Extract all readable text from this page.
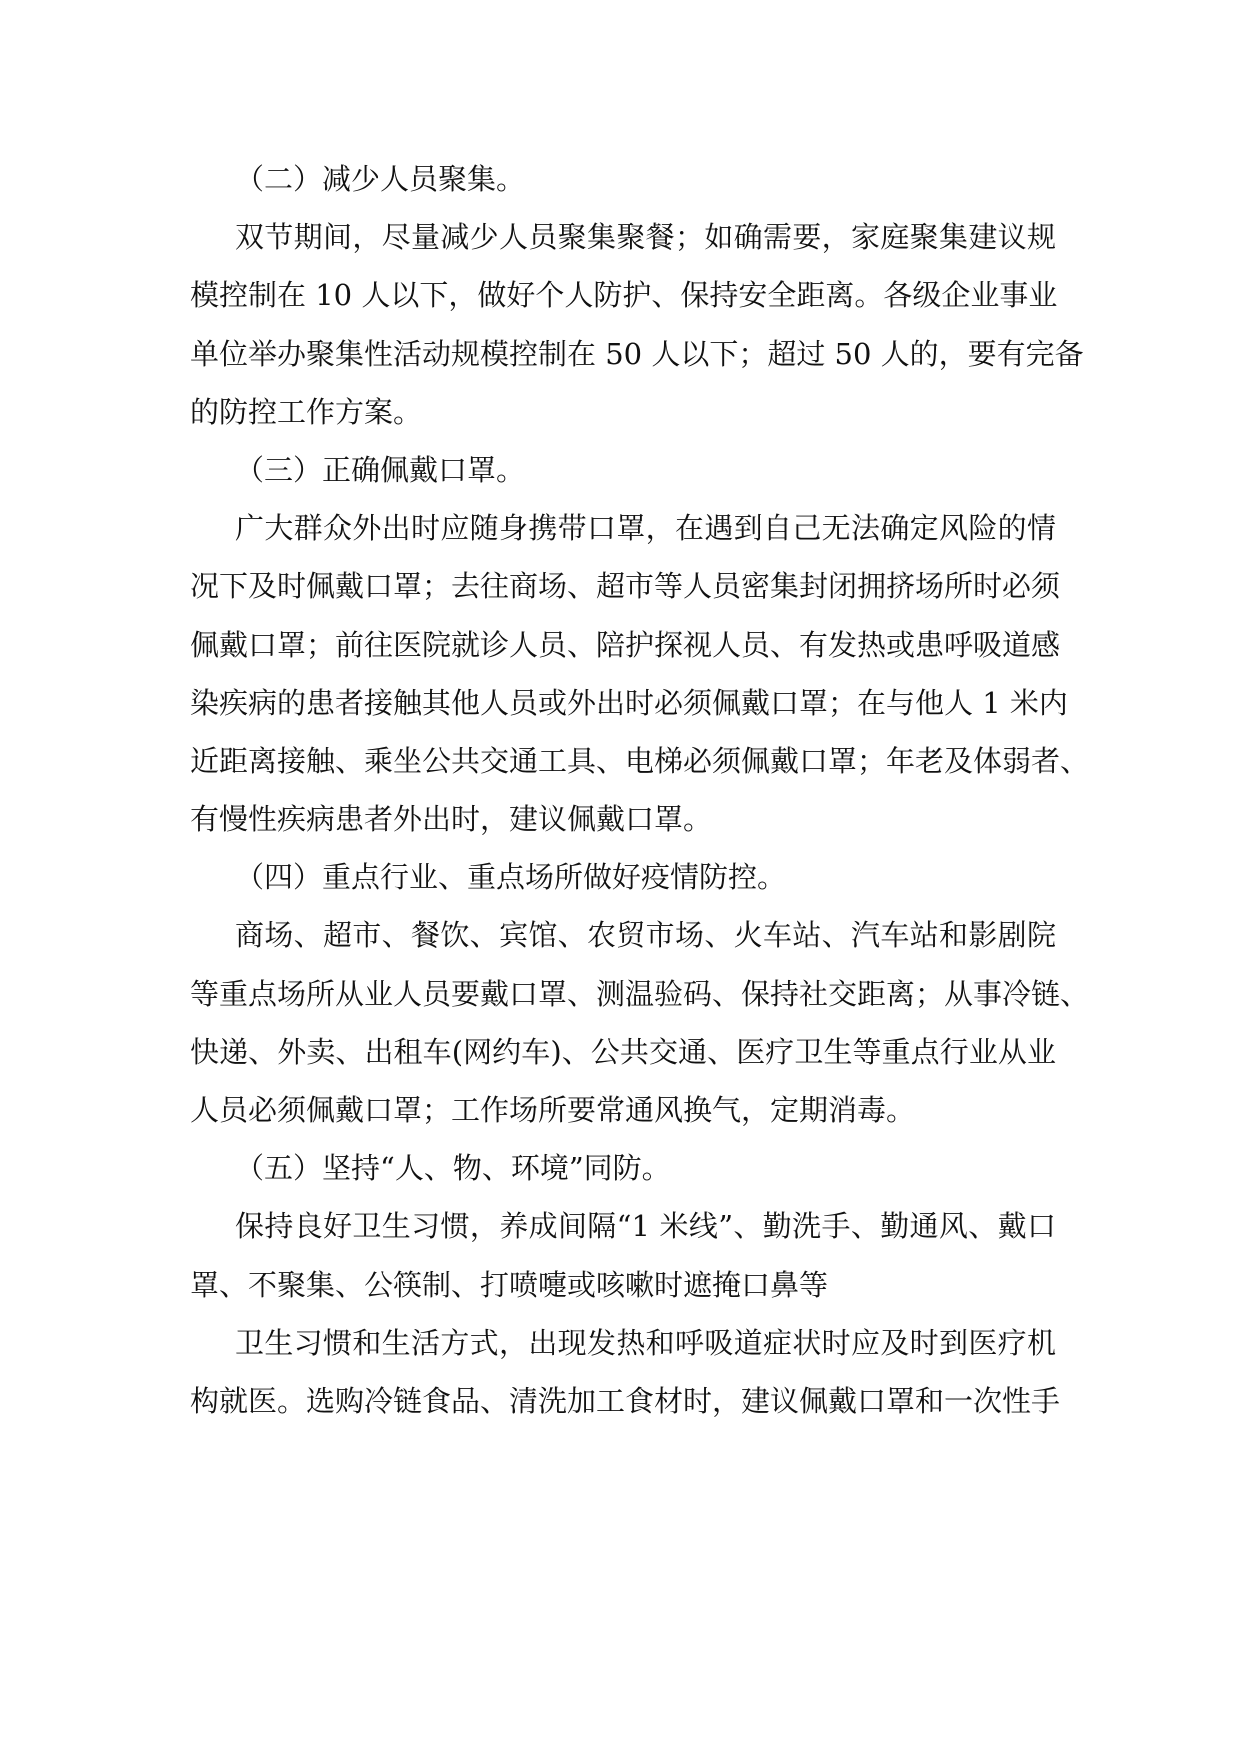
（二）减少人员聚集。
双节期间，尽量减少人员聚集聚餐；如确需要，家庭聚集建议规
模控制在 10 人以下，做好个人防护、保持安全距离。各级企业事业
单位举办聚集性活动规模控制在 50 人以下；超过 50 人的，要有完备
的防控工作方案。
（三）正确佩戴口罩。
广大群众外出时应随身携带口罩，在遇到自己无法确定风险的情
况下及时佩戴口罩；去往商场、超市等人员密集封闭拥挤场所时必须
佩戴口罩；前往医院就诊人员、陪护探视人员、有发热或患呼吸道感
染疾病的患者接触其他人员或外出时必须佩戴口罩；在与他人 1 米内
近距离接触、乘坐公共交通工具、电梯必须佩戴口罩；年老及体弱者、
有慢性疾病患者外出时，建议佩戴口罩。
（四）重点行业、重点场所做好疫情防控。
商场、超市、餐饮、宾馆、农贸市场、火车站、汽车站和影剧院
等重点场所从业人员要戴口罩、测温验码、保持社交距离；从事冷链、
快递、外卖、出租车(网约车)、公共交通、医疗卫生等重点行业从业
人员必须佩戴口罩；工作场所要常通风换气，定期消毒。
（五）坚持“人、物、环境”同防。
保持良好卫生习惯，养成间隔“1 米线”、勤洗手、勤通风、戴口
罩、不聚集、公筷制、打喷嚏或咳嗽时遮掩口鼻等
卫生习惯和生活方式，出现发热和呼吸道症状时应及时到医疗机
构就医。选购冷链食品、清洗加工食材时，建议佩戴口罩和一次性手
